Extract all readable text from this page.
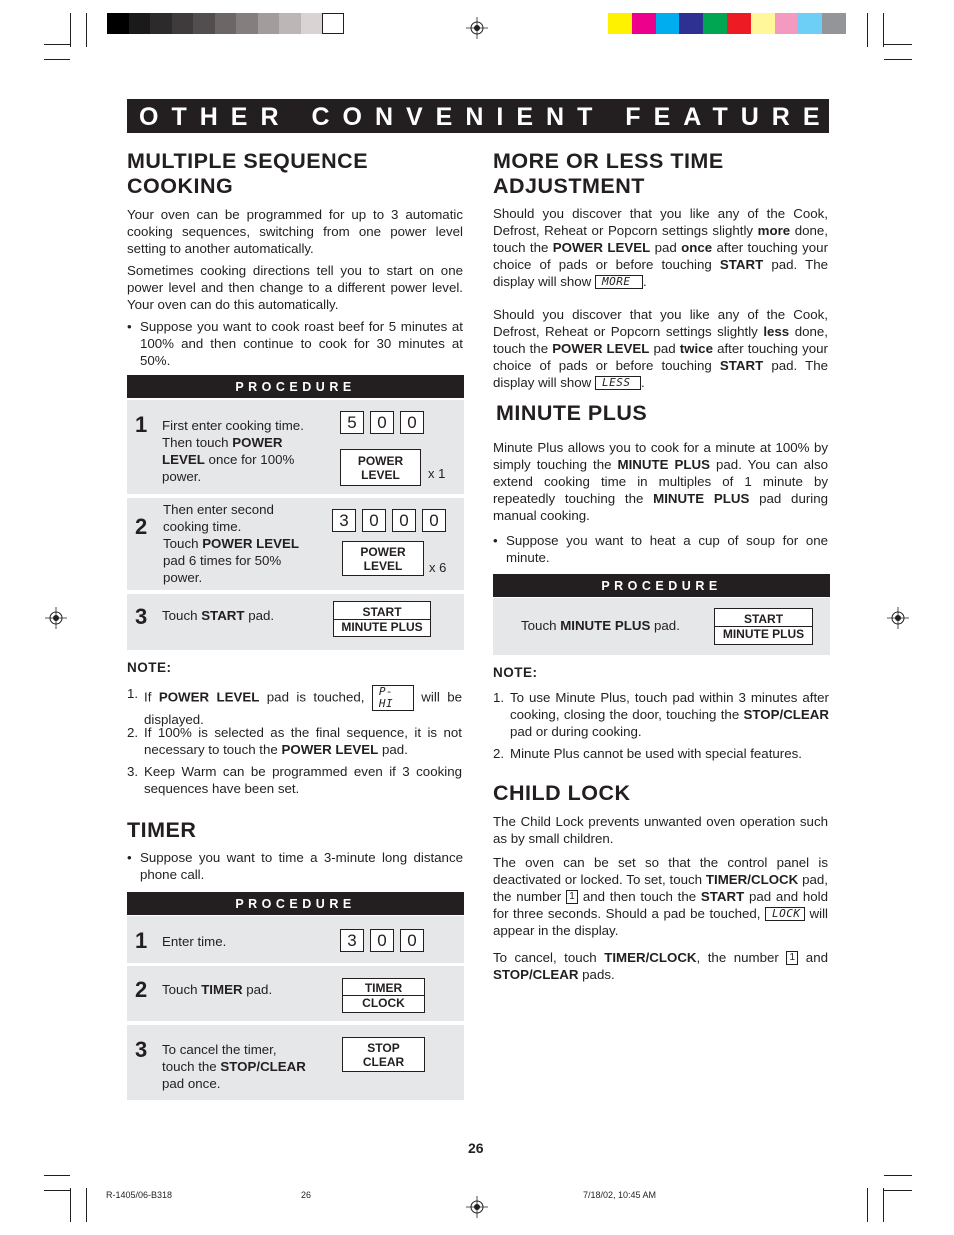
OTHER CONVENIENT FEATURES
MULTIPLE SEQUENCE
COOKING

Your oven can be programmed for up to 3 automatic cooking sequences, switching from one power level setting to another automatically.

Sometimes cooking directions tell you to start on one power level and then change to a different power level. Your oven can do this automatically.

• Suppose you want to cook roast beef for 5 minutes at 100% and then continue to cook for 30 minutes at 50%.
PROCEDURE
1 First enter cooking time.
Then touch POWER
LEVEL once for 100%
power.
5	0	0
POWER
LEVEL	x 1
2
Then enter second
cooking time.
Touch POWER LEVEL
pad 6 times for 50%
power.
3	0	0	0
POWER
LEVEL	x 6
3 Touch START pad.	START
MINUTE PLUS
NOTE:
1. If POWER LEVEL pad is touched, P-HI will be displayed.
2. If 100% is selected as the final sequence, it is not necessary to touch the POWER LEVEL pad.
3. Keep Warm can be programmed even if 3 cooking sequences have been set.
TIMER
• Suppose you want to time a 3-minute long distance phone call.
PROCEDURE
1 Enter time.	3	0	0
2 Touch TIMER pad.	TIMER
CLOCK
3 To cancel the timer,
touch the STOP/CLEAR
pad once.
STOP
CLEAR
MORE OR LESS TIME
ADJUSTMENT

Should you discover that you like any of the Cook, Defrost, Reheat or Popcorn settings slightly more done, touch the POWER LEVEL pad once after touching your choice of pads or before touching START pad. The display will show MORE .

Should you discover that you like any of the Cook, Defrost, Reheat or Popcorn settings slightly less done, touch the POWER LEVEL pad twice after touching your choice of pads or before touching START pad. The display will show LESS .

MINUTE PLUS

Minute Plus allows you to cook for a minute at 100% by simply touching the MINUTE PLUS pad. You can also extend cooking time in multiples of 1 minute by repeatedly touching the MINUTE PLUS pad during manual cooking.

• Suppose you want to heat a cup of soup for one minute.
PROCEDURE
Touch MINUTE PLUS pad.	START
MINUTE PLUS
NOTE:
1. To use Minute Plus, touch pad within 3 minutes after cooking, closing the door, touching the STOP/CLEAR pad or during cooking.
2. Minute Plus cannot be used with special features.
CHILD LOCK

The Child Lock prevents unwanted oven operation such as by small children.

The oven can be set so that the control panel is deactivated or locked. To set, touch TIMER/CLOCK pad, the number 1 and then touch the START pad and hold for three seconds. Should a pad be touched, LOCK will appear in the display.

To cancel, touch TIMER/CLOCK, the number 1 and STOP/CLEAR pads.

26
R-1405/06-B318	26	7/18/02, 10:45 AM
